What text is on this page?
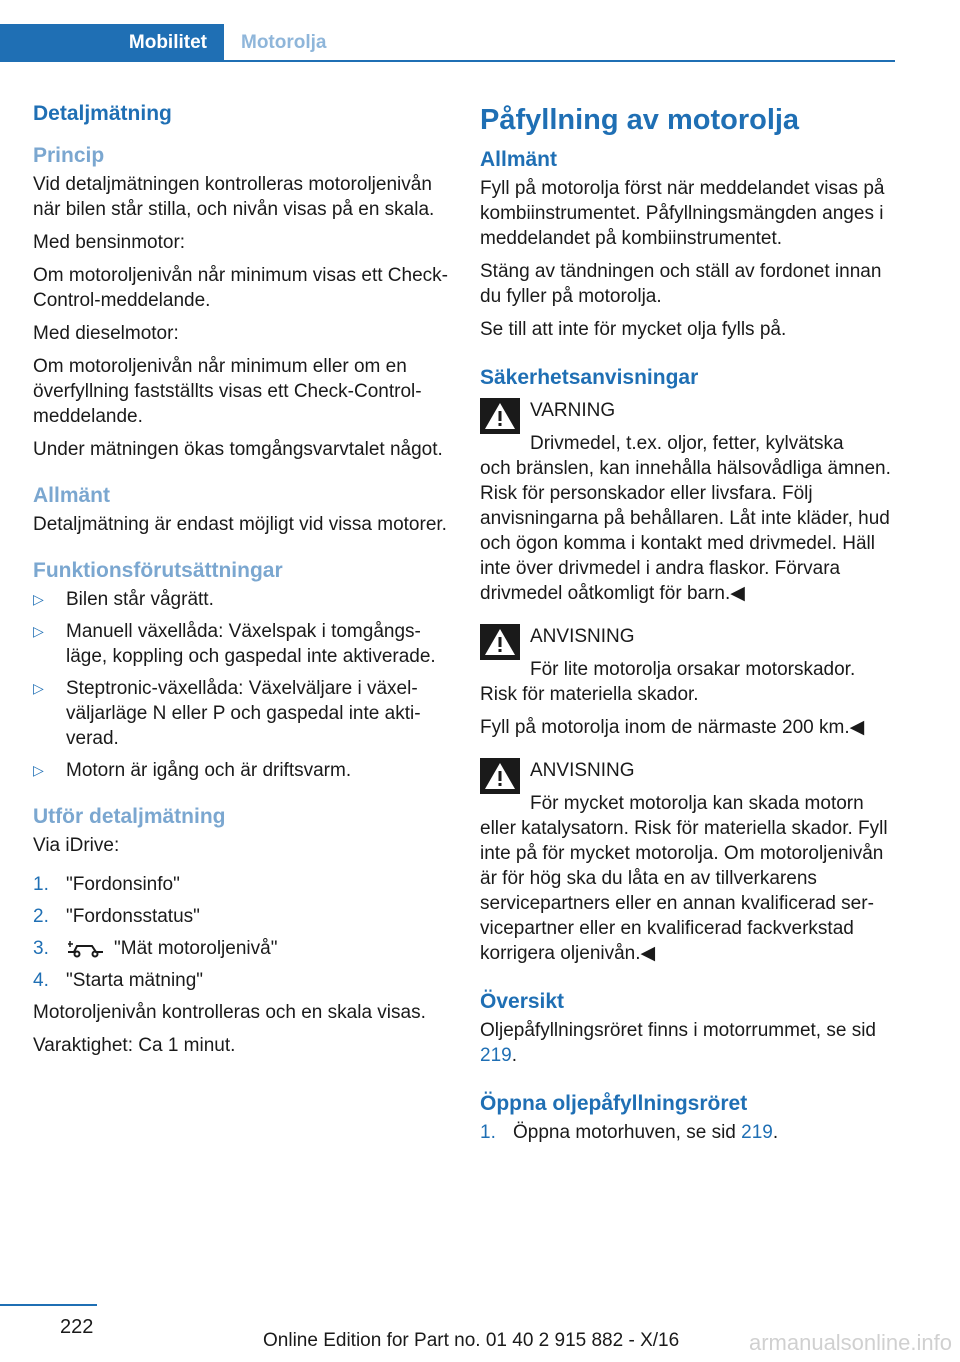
Mobilitet	Motorolja
Detaljmätning
Princip

Vid detaljmätningen kontrolleras motoroljenivån när bilen står stilla, och nivån visas på en skala.

Med bensinmotor:

Om motoroljenivån når minimum visas ett Check-Control-meddelande.

Med dieselmotor:

Om motoroljenivån når minimum eller om en överfyllning fastställts visas ett Check-Control-meddelande.

Under mätningen ökas tomgångsvarvtalet något.

Allmänt

Detaljmätning är endast möjligt vid vissa motorer.

Funktionsförutsättningar
▷ Bilen står vågrätt.
▷ Manuell växellåda: Växelspak i tomgångsläge, koppling och gaspedal inte aktiverade.
▷ Steptronic-växellåda: Växelväljare i växelväljarläge N eller P och gaspedal inte aktiverad.
▷ Motorn är igång och är driftsvarm.
Utför detaljmätning

Via iDrive:

1. "Fordonsinfo"
2. "Fordonsstatus"
3.	"Mät motoroljenivå"
4. "Starta mätning"

Motoroljenivån kontrolleras och en skala visas.

Varaktighet: Ca 1 minut.

Påfyllning av motorolja
Allmänt

Fyll på motorolja först när meddelandet visas på kombiinstrumentet. Påfyllningsmängden anges i meddelandet på kombiinstrumentet.

Stäng av tändningen och ställ av fordonet innan du fyller på motorolja.

Se till att inte för mycket olja fylls på.

Säkerhetsanvisningar
VARNING
Drivmedel, t.ex. oljor, fetter, kylvätska

och bränslen, kan innehålla hälsovådliga ämnen. Risk för personskador eller livsfara. Följ anvisningarna på behållaren. Låt inte kläder, hud och ögon komma i kontakt med drivmedel. Häll inte över drivmedel i andra flaskor. Förvara drivmedel oåtkomligt för barn.◀

ANVISNING
För lite motorolja orsakar motorskador.

Risk för materiella skador.

Fyll på motorolja inom de närmaste 200 km.◀

ANVISNING
För mycket motorolja kan skada motorn

eller katalysatorn. Risk för materiella skador. Fyll inte på för mycket motorolja. Om motoroljenivån är för hög ska du låta en av tillverkarens servicepartners eller en annan kvalificerad servicepartner eller en kvalificerad fackverkstad korrigera oljenivån.◀

Översikt

Oljepåfyllningsröret finns i motorrummet, se sid 219.

Öppna oljepåfyllningsröret
1. Öppna motorhuven, se sid 219.
222
Online Edition for Part no. 01 40 2 915 882 - X/16	armanualsonline.info
